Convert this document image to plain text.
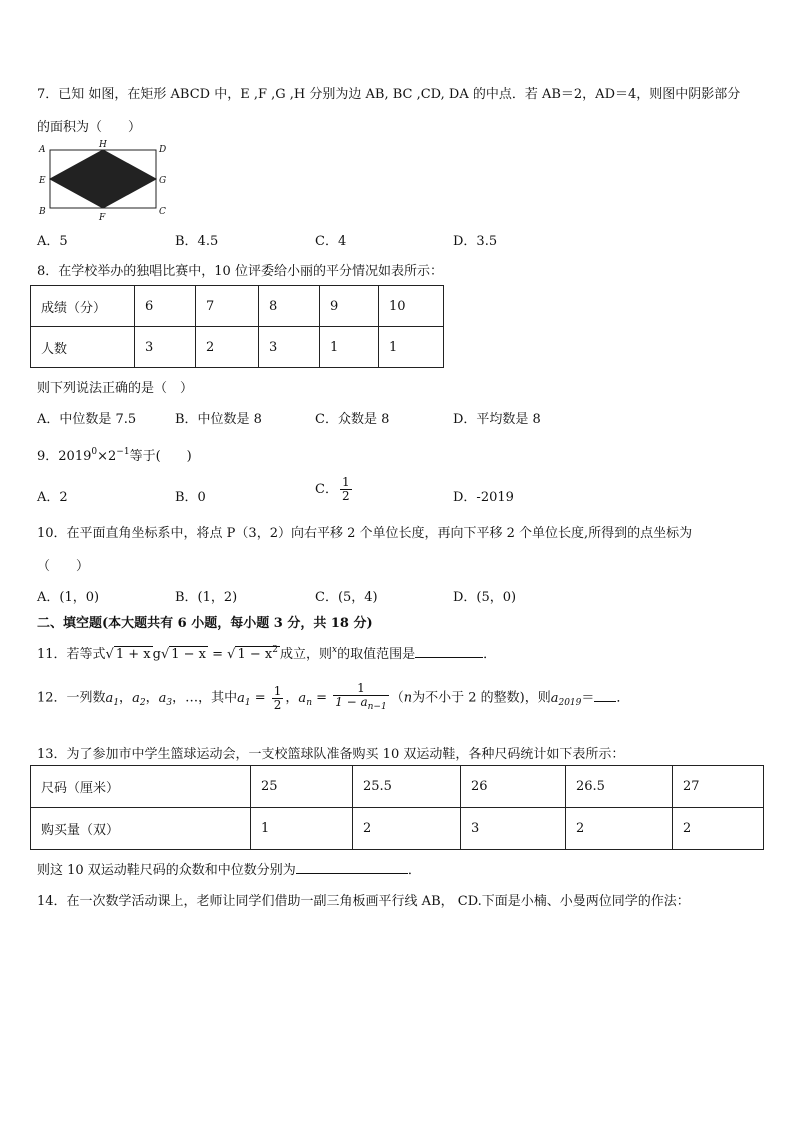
7．已知 如图，在矩形 ABCD 中，E ,F ,G ,H 分别为边 AB, BC ,CD, DA 的中点．若 AB＝2，AD＝4，则图中阴影部分
的面积为（　　）
A
E
B
H
F
D
G
C
A．5	B．4.5	C．4	D．3.5
8．在学校举办的独唱比赛中，10 位评委给小丽的平分情况如表所示：
成绩（分）	6	7	8	9	10
人数	3	2	3	1	1
则下列说法正确的是（　）
A．中位数是 7.5	B．中位数是 8	C．众数是 8	D．平均数是 8
9．$2019^0\times 2^{-1}$等于(　　)
A．2	B．0
C． $\frac{1}{2}$	D．-2019
10．在平面直角坐标系中，将点 P（3，2）向右平移 2 个单位长度，再向下平移 2 个单位长度,所得到的点坐标为
（　　）
A．(1，0)	B．(1，2)	C．(5，4)	D．(5，0)
二、填空题(本大题共有 6 小题，每小题 3 分，共 18 分)
11．若等式√ 1 + x g√ 1 − x = √ $1 - x^2$ 成立，则$^x$的取值范围是	．
12．一列数$a_1$，$a_2$，$a_3$，…，其中$a_1 = \frac{1}{2}$ ，$a_n = \frac{1}{1 - a_{n-1}} (n$为不小于 2 的整数)，则$a_{2019}=$ ．
13．为了参加市中学生篮球运动会，一支校篮球队准备购买 10 双运动鞋，各种尺码统计如下表所示：
尺码（厘米）	25	25.5	26	26.5	27
购买量（双）	1	2	3	2	2
则这 10 双运动鞋尺码的众数和中位数分别为	．
14．在一次数学活动课上，老师让同学们借助一副三角板画平行线 AB， CD.下面是小楠、小曼两位同学的作法：
